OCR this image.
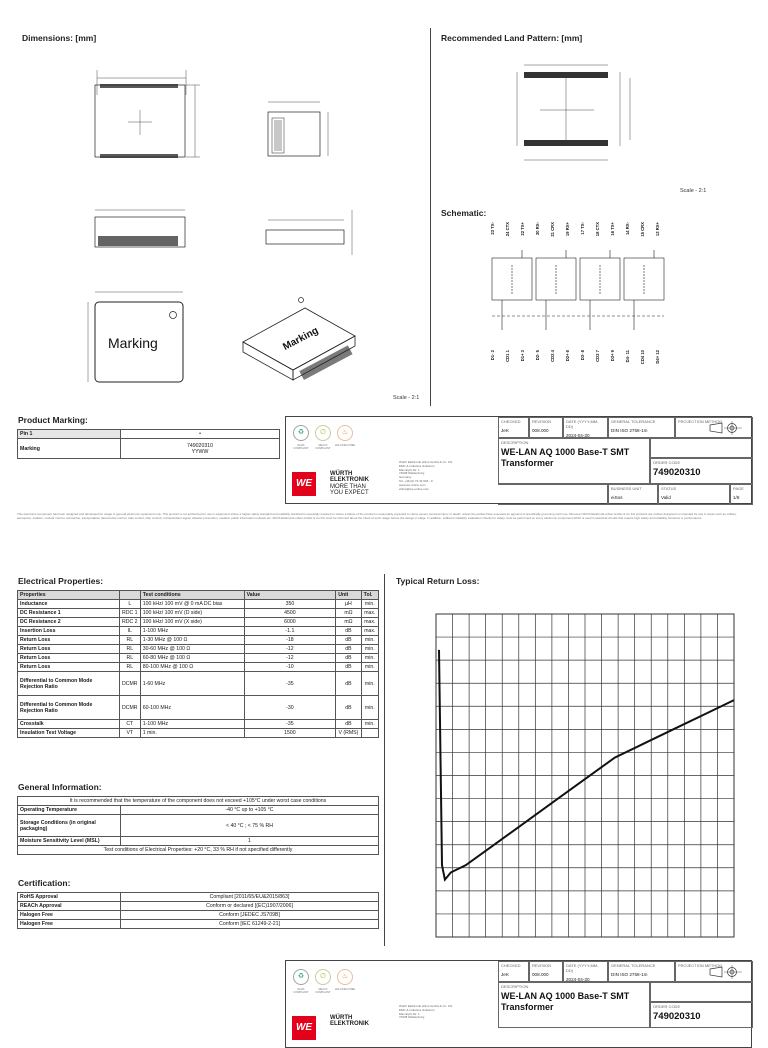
Dimensions: [mm]	Recommended Land Pattern: [mm]
Marking	Marking
Scale - 2:1
Scale - 2:1
Schematic:
23 TX- 24 CTX 22 TX+ 20 RX- 21 CRX 19 RX+ 17 TX- 18 CTX 16 TX+ 14 RX- 15 CRX 13 RX+
D1- 2 CD1 1 D1+ 3 D2- 5 CD2 4 D2+ 6 D3- 8 CD3 7 D3+ 9 D4- 11 CD4 10 D4+ 12
Product Marking:
Pin 1	•
Marking	749020310
YYWW
♻
RoHS COMPLIANT
∅
REACh COMPLIANT
♨
HALOGEN FREE
WE
WÜRTH
ELEKTRONIK
MORE THAN
YOU EXPECT
Würth Elektronik eiSos GmbH & Co. KG
EMC & Inductive Solutions
Max-Eyth-Str. 1
74638 Waldenburg
Germany
Tel. +49 (0) 79 42 945 - 0
www.we-online.com
eiSos@we-online.com
CHECKED
JeK
REVISION
008.000
DATE (YYYY-MM-DD)
2024-04-30
GENERAL TOLERANCE
DIN ISO 2768-1m
PROJECTION METHOD
DESCRIPTION
WE-LAN AQ 1000 Base-T SMT
Transformer	ORDER CODE
749020310
BUSINESS UNIT
eiSos
STATUS
Valid
PAGE
1/8
This electronic component has been designed and developed for usage in general electronic equipment only. This product is not authorized for use in equipment where a higher safety standard and reliability standard is especially required or where a failure of the product is reasonably expected to cause severe personal injury or death, unless the parties have executed an agreement specifically governing such use. Moreover Würth Elektronik eiSos GmbH & Co KG products are neither designed nor intended for use in areas such as military, aerospace, aviation, nuclear control, submarine, transportation (automotive control, train control, ship control), transportation signal, disaster prevention, medical, public information network etc. Würth Elektronik eiSos GmbH & Co KG must be informed about the intent of such usage before the design-in stage. In addition, sufficient reliability evaluation checks for safety must be performed on every electronic component which is used in electrical circuits that require high safety and reliability functions or performance.
Electrical Properties:	Typical Return Loss:
Properties		Test conditions	Value	Unit	Tol.
Inductance	L	100 kHz/ 100 mV @ 0 mA DC bias	350	µH	min.
DC Resistance 1	RDC 1	100 kHz/ 100 mV (D side)	4500	mΩ	max.
DC Resistance 2	RDC 2	100 kHz/ 100 mV (X side)	6000	mΩ	max.
Insertion Loss	IL	1-100 MHz	-1.1	dB	max.
Return Loss	RL	1-30 MHz @ 100 Ω	-18	dB	min.
Return Loss	RL	30-60 MHz @ 100 Ω	-12	dB	min.
Return Loss	RL	60-80 MHz @ 100 Ω	-12	dB	min.
Return Loss	RL	80-100 MHz @ 100 Ω	-10	dB	min.
Differential to Common Mode Rejection Ratio	DCMR	1-60 MHz	-35	dB	min.
Differential to Common Mode Rejection Ratio	DCMR	60-100 MHz	-30	dB	min.
Crosstalk	CT	1-100 MHz	-35	dB	min.
Insulation Test Voltage	VT	1 min.	1500	V (RMS)	
General Information:
It is recommended that the temperature of the component does not exceed +105°C under worst case conditions	
Operating Temperature	-40 °C up to +105 °C
Storage Conditions (in original packaging)	< 40 °C ; < 75 % RH
Moisture Sensitivity Level (MSL)	1
Test conditions of Electrical Properties: +20 °C, 33 % RH if not specified differently	
Certification:
RoHS Approval	Compliant [2011/65/EU&2015/863]
REACh Approval	Conform or declared [(EC)1907/2006]
Halogen Free	Conform [JEDEC JS709B]
Halogen Free	Conform [IEC 61249-2-21]
♻
RoHS COMPLIANT
∅
REACh COMPLIANT
♨
HALOGEN FREE
WE
WÜRTH
ELEKTRONIK
Würth Elektronik eiSos GmbH & Co. KG
EMC & Inductive Solutions
Max-Eyth-Str. 1
74638 Waldenburg
CHECKED
JeK
REVISION
008.000
DATE (YYYY-MM-DD)
2024-04-30
GENERAL TOLERANCE
DIN ISO 2768-1m
PROJECTION METHOD
DESCRIPTION
WE-LAN AQ 1000 Base-T SMT
Transformer	ORDER CODE
749020310
